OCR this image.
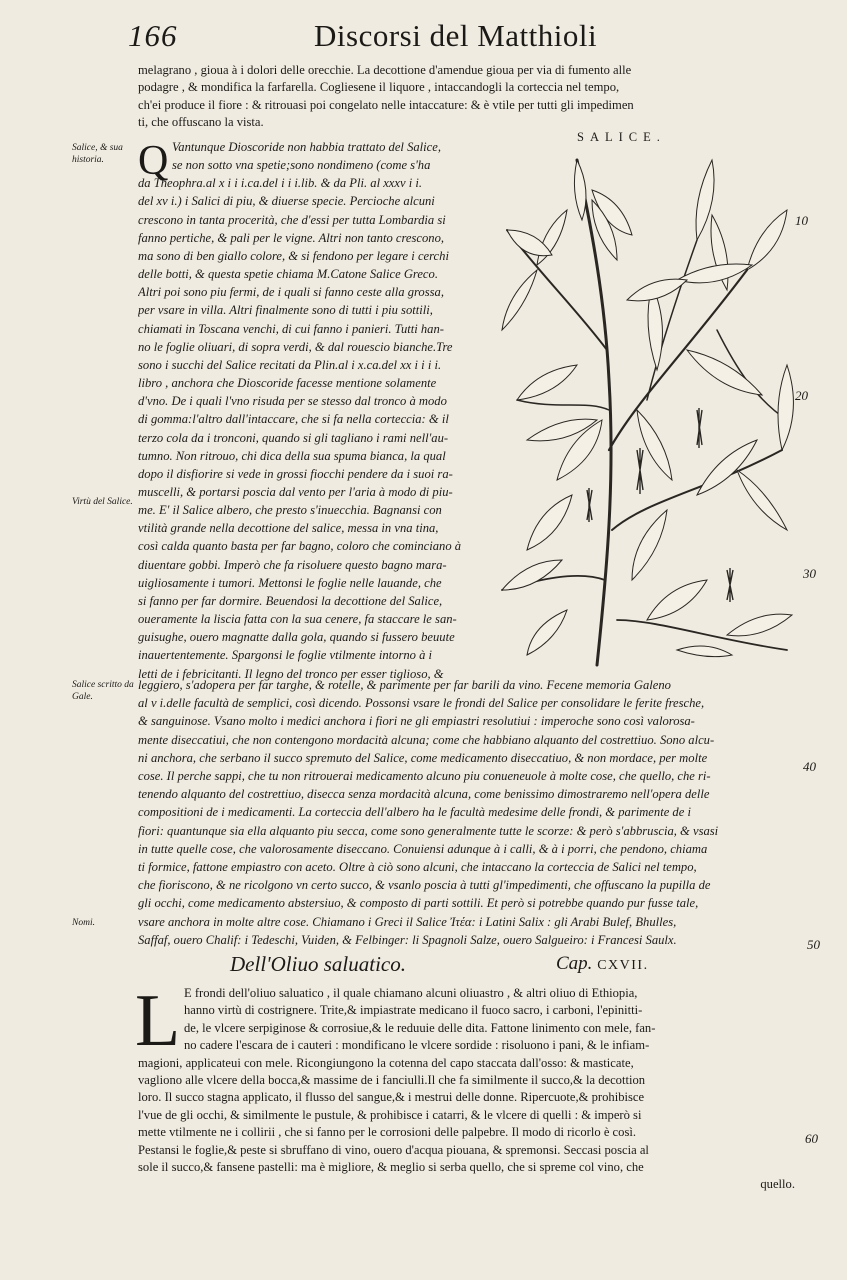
166	Discorsi del Matthioli
melagrano , gioua à i dolori delle orecchie. La decottione d'amendue gioua per via di fumento alle
podagre , & mondifica la farfarella. Cogliesene il liquore , intaccandogli la corteccia nel tempo,
ch'ei produce il fiore : & ritrouasi poi congelato nelle intaccature: & è vtile per tutti gli impedimen
ti, che offuscano la vista.
Salice, & sua historia.
Virtù del Salice.
Salice scritto da Gale.
Nomi.
10
20
30
40
50
60
SALICE.
Q Vantunque Dioscoride non habbia trattato del Salice,
se non sotto vna spetie;sono nondimeno (come s'ha
da Theophra.al x i i i.ca.del i i i.lib. & da Pli. al xxxv i i.
del xv i.) i Salici di piu, & diuerse specie. Percioche alcuni
crescono in tanta procerità, che d'essi per tutta Lombardia si
fanno pertiche, & pali per le vigne. Altri non tanto crescono,
ma sono di ben giallo colore, & si fendono per legare i cerchi
delle botti, & questa spetie chiama M.Catone Salice Greco.
Altri poi sono piu fermi, de i quali si fanno ceste alla grossa,
per vsare in villa. Altri finalmente sono di tutti i piu sottili,
chiamati in Toscana venchi, di cui fanno i panieri. Tutti han-
no le foglie oliuari, di sopra verdi, & dal rouescio bianche.Tre
sono i succhi del Salice recitati da Plin.al i x.ca.del xx i i i i.
libro , anchora che Dioscoride facesse mentione solamente
d'vno. De i quali l'vno risuda per se stesso dal tronco à modo
di gomma:l'altro dall'intaccare, che si fa nella corteccia: & il
terzo cola da i tronconi, quando si gli tagliano i rami nell'au-
tumno. Non ritrouo, chi dica della sua spuma bianca, la qual
dopo il disfiorire si vede in grossi fiocchi pendere da i suoi ra-
muscelli, & portarsi poscia dal vento per l'aria à modo di piu-
me. E' il Salice albero, che presto s'inuecchia. Bagnansi con
vtilità grande nella decottione del salice, messa in vna tina,
così calda quanto basta per far bagno, coloro che cominciano à
diuentare gobbi. Imperò che fa risoluere questo bagno mara-
uigliosamente i tumori. Mettonsi le foglie nelle lauande, che
si fanno per far dormire. Beuendosi la decottione del Salice,
oueramente la liscia fatta con la sua cenere, fa staccare le san-
guisughe, ouero magnatte dalla gola, quando si fussero beuute
inauertentemente. Spargonsi le foglie vtilmente intorno à i
letti de i febricitanti. Il legno del tronco per esser tiglioso, &
leggiero, s'adopera per far targhe, & rotelle, & parimente per far barili da vino. Fecene memoria Galeno
al v i.delle facultà de semplici, così dicendo. Possonsi vsare le frondi del Salice per consolidare le ferite fresche,
& sanguinose. Vsano molto i medici anchora i fiori ne gli empiastri resolutiui : imperoche sono così valorosa-
mente diseccatiui, che non contengono mordacità alcuna; come che habbiano alquanto del costrettiuo. Sono alcu-
ni anchora, che serbano il succo spremuto del Salice, come medicamento diseccatiuo, & non mordace, per molte
cose. Il perche sappi, che tu non ritrouerai medicamento alcuno piu conueneuole à molte cose, che quello, che ri-
tenendo alquanto del costrettiuo, disecca senza mordacità alcuna, come benissimo dimostraremo nell'opera delle
compositioni de i medicamenti. La corteccia dell'albero ha le facultà medesime delle frondi, & parimente de i
fiori: quantunque sia ella alquanto piu secca, come sono generalmente tutte le scorze: & però s'abbruscia, & vsasi
in tutte quelle cose, che valorosamente diseccano. Conuiensi adunque à i calli, & à i porri, che pendono, chiama
ti formice, fattone empiastro con aceto. Oltre à ciò sono alcuni, che intaccano la corteccia de Salici nel tempo,
che fioriscono, & ne ricolgono vn certo succo, & vsanlo poscia à tutti gl'impedimenti, che offuscano la pupilla de
gli occhi, come medicamento abstersiuo, & composto di parti sottili. Et però si potrebbe quando pur fusse tale,
vsare anchora in molte altre cose. Chiamano i Greci il Salice Ἰτέα: i Latini Salix : gli Arabi Bulef, Bhulles,
Saffaf, ouero Chalif: i Tedeschi, Vuiden, & Felbinger: li Spagnoli Salze, ouero Salgueiro: i Francesi Saulx.
Dell'Oliuo saluatico.	Cap. CXVII.
L E frondi dell'oliuo saluatico , il quale chiamano alcuni oliuastro , & altri oliuo di Ethiopia,
hanno virtù di costrignere. Trite,& impiastrate medicano il fuoco sacro, i carboni, l'epinitti-
de, le vlcere serpiginose & corrosiue,& le reduuie delle dita. Fattone linimento con mele, fan-
no cadere l'escara de i cauteri : mondificano le vlcere sordide : risoluono i pani, & le infiam-
magioni, applicateui con mele. Ricongiungono la cotenna del capo staccata dall'osso: & masticate,
vagliono alle vlcere della bocca,& massime de i fanciulli.Il che fa similmente il succo,& la decottion
loro. Il succo stagna applicato, il flusso del sangue,& i mestrui delle donne. Ripercuote,& prohibisce
l'vue de gli occhi, & similmente le pustule, & prohibisce i catarri, & le vlcere di quelli : & imperò si
mette vtilmente ne i collirii , che si fanno per le corrosioni delle palpebre. Il modo di ricorlo è così.
Pestansi le foglie,& peste si sbruffano di vino, ouero d'acqua piouana, & spremonsi. Seccasi poscia al
sole il succo,& fansene pastelli: ma è migliore, & meglio si serba quello, che si spreme col vino, che
quello.
